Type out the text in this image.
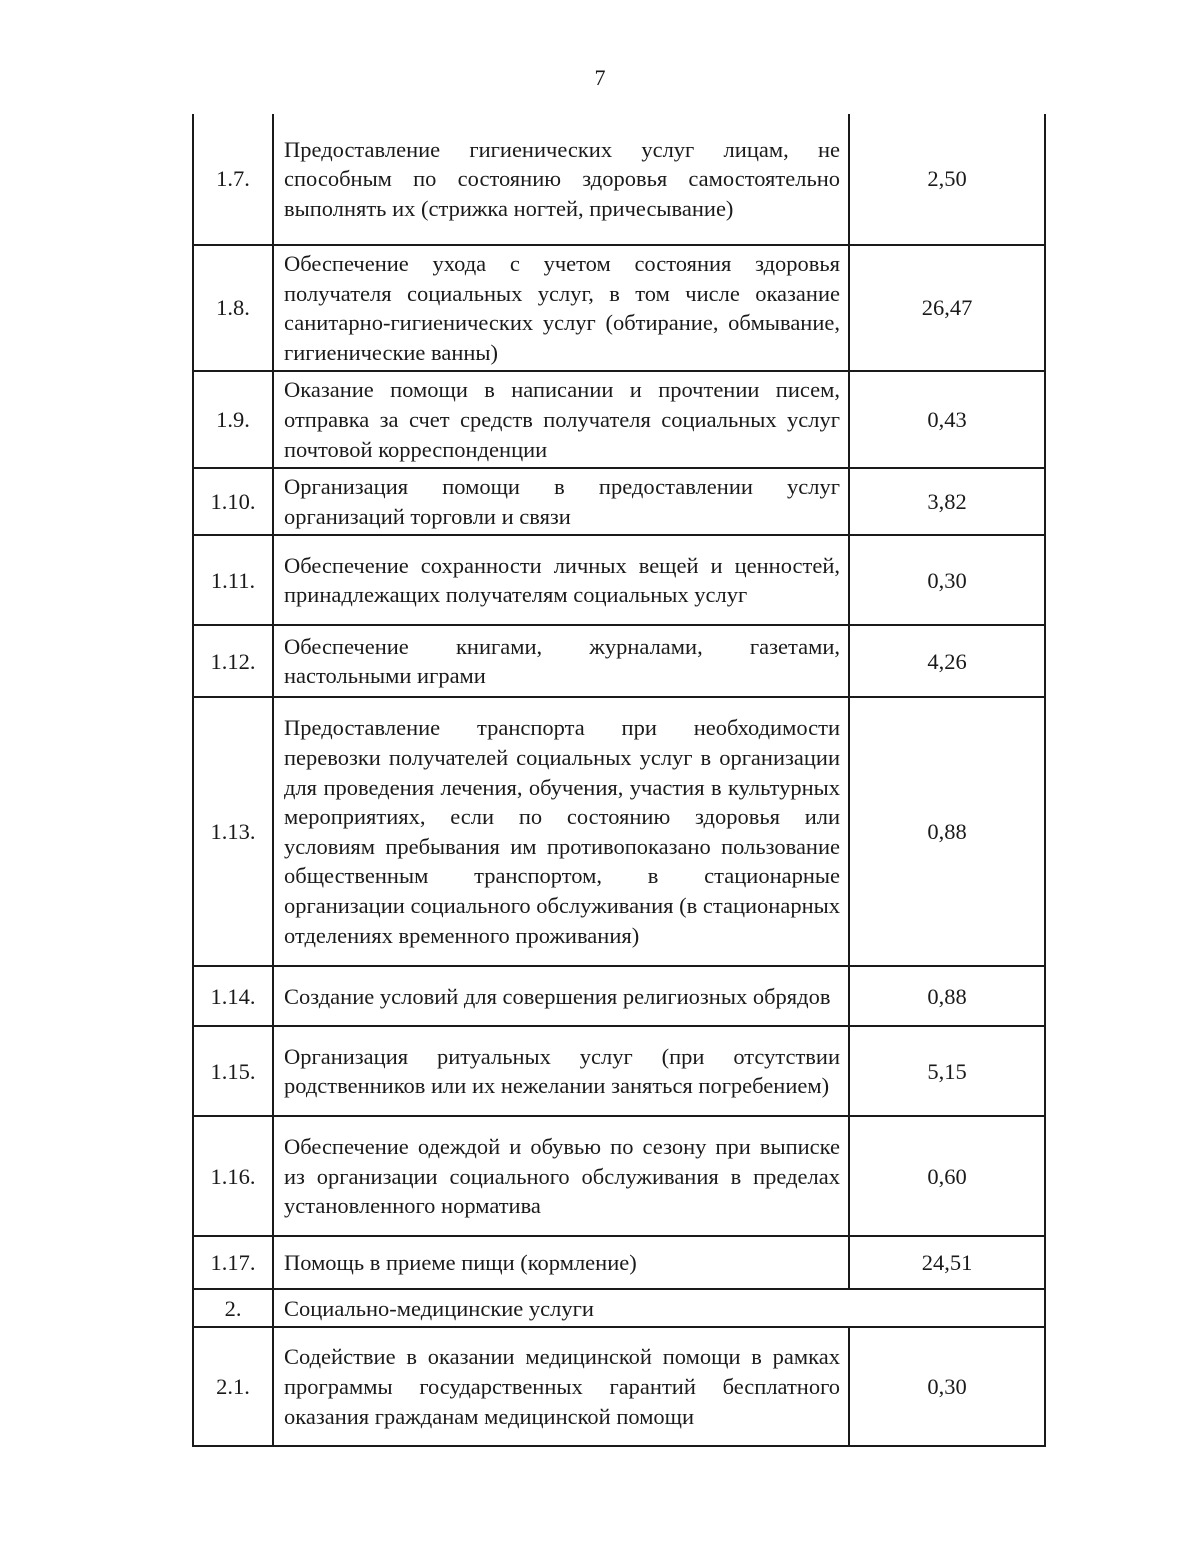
7
1.7.	Предоставление гигиенических услуг лицам, не способным по состоянию здоровья самостоятельно выполнять их (стрижка ногтей, причесывание)	2,50
1.8.	Обеспечение ухода с учетом состояния здоровья получателя социальных услуг, в том числе оказание санитарно-гигиенических услуг (обтирание, обмывание, гигиенические ванны)	26,47
1.9.	Оказание помощи в написании и прочтении писем, отправка за счет средств получателя социальных услуг почтовой корреспонденции	0,43
1.10.	Организация помощи в предоставлении услуг организаций торговли и связи	3,82
1.11.	Обеспечение сохранности личных вещей и ценностей, принадлежащих получателям социальных услуг	0,30
1.12.	Обеспечение книгами, журналами, газетами, настольными играми	4,26
1.13.	Предоставление транспорта при необходимости перевозки получателей социальных услуг в организации для проведения лечения, обучения, участия в культурных мероприятиях, если по состоянию здоровья или условиям пребывания им противопоказано пользование общественным транспортом, в стационарные организации социального обслуживания (в стационарных отделениях временного проживания)	0,88
1.14.	Создание условий для совершения религиозных обрядов	0,88
1.15.	Организация ритуальных услуг (при отсутствии родственников или их нежелании заняться погребением)	5,15
1.16.	Обеспечение одеждой и обувью по сезону при выписке из организации социального обслуживания в пределах установленного норматива	0,60
1.17.	Помощь в приеме пищи (кормление)	24,51
2.	Социально-медицинские услуги	
2.1.	Содействие в оказании медицинской помощи в рамках программы государственных гарантий бесплатного оказания гражданам медицинской помощи	0,30
